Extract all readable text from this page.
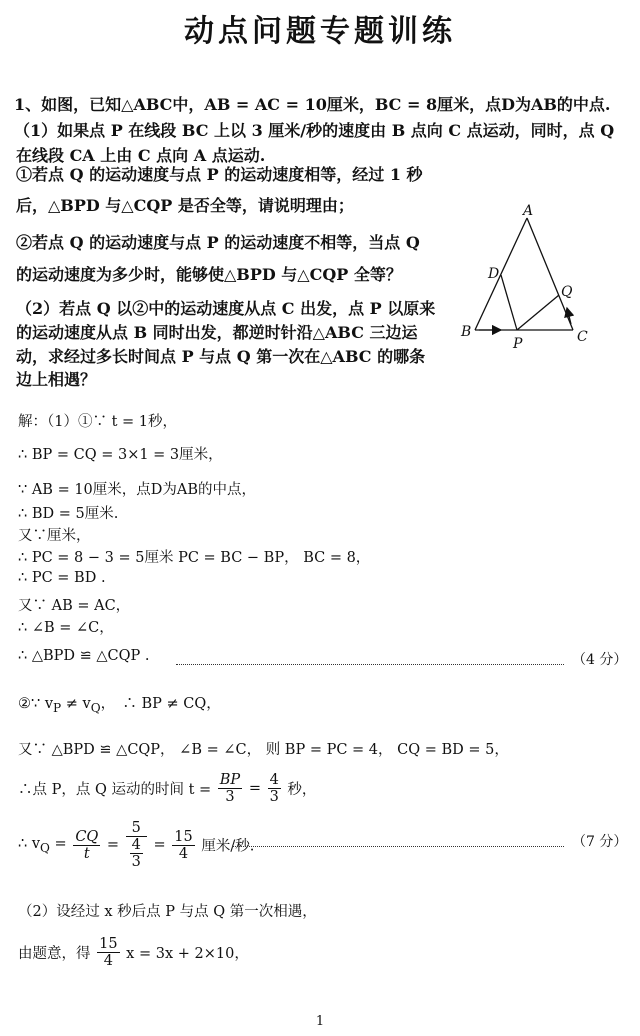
动点问题专题训练
1、如图，已知△ABC中，AB = AC = 10厘米，BC = 8厘米，点D为AB的中点.
（1）如果点 P 在线段 BC 上以 3 厘米/秒的速度由 B 点向 C 点运动，同时，点 Q
在线段 CA 上由 C 点向 A 点运动.
①若点 Q 的运动速度与点 P 的运动速度相等，经过 1 秒
后，△BPD 与△CQP 是否全等，请说明理由；
②若点 Q 的运动速度与点 P 的运动速度不相等，当点 Q
的运动速度为多少时，能够使△BPD 与△CQP 全等？
（2）若点 Q 以②中的运动速度从点 C 出发，点 P 以原来
的运动速度从点 B 同时出发，都逆时针沿△ABC 三边运
动，求经过多长时间点 P 与点 Q 第一次在△ABC 的哪条
边上相遇？
A
D
Q
B
P	C
解：（1）①∵ t = 1秒，
∴ BP = CQ = 3×1 = 3厘米，
∵ AB = 10厘米，点D为AB的中点，
∴ BD = 5厘米.
又∵厘米，
∴ PC = 8 − 3 = 5厘米 PC = BC − BP， BC = 8，
∴ PC = BD .
又∵ AB = AC，
∴ ∠B = ∠C，
∴ △BPD ≌ △CQP .	（4 分）
②∵ $v_P \ne v_Q$，　∴ BP ≠ CQ，
又∵ △BPD ≌ △CQP， ∠B = ∠C， 则 BP = PC = 4， CQ = BD = 5，
∴点 P，点 Q 运动的时间 $t = \frac{BP}{3} = \frac{4}{3}$ 秒，
∴ $v_Q = \frac{CQ}{t} = \frac{5}{\frac{4}{3}} = \frac{15}{4}$ 厘米/秒.	（7 分）
（2）设经过 x 秒后点 P 与点 Q 第一次相遇，
由题意，得 $\frac{15}{4}$ x = 3x + 2×10，
1
